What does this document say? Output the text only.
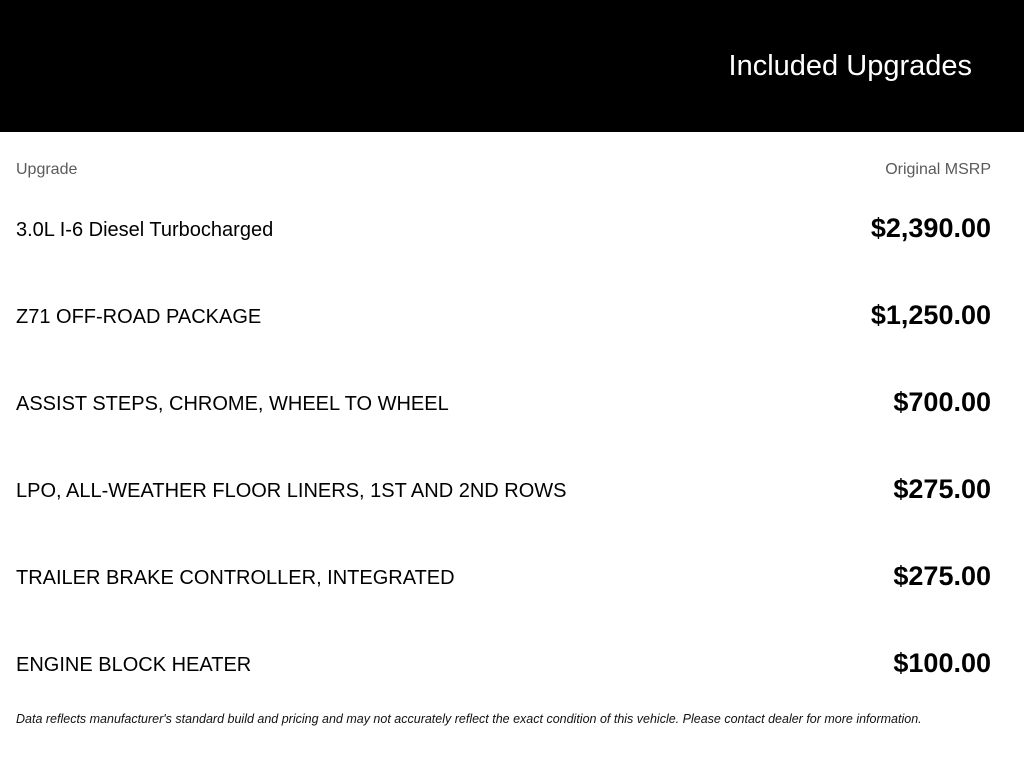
Included Upgrades
Upgrade	Original MSRP
3.0L I-6 Diesel Turbocharged	$2,390.00
Z71 OFF-ROAD PACKAGE	$1,250.00
ASSIST STEPS, CHROME, WHEEL TO WHEEL	$700.00
LPO, ALL-WEATHER FLOOR LINERS, 1ST AND 2ND ROWS	$275.00
TRAILER BRAKE CONTROLLER, INTEGRATED	$275.00
ENGINE BLOCK HEATER	$100.00
Data reflects manufacturer's standard build and pricing and may not accurately reflect the exact condition of this vehicle. Please contact dealer for more information.
